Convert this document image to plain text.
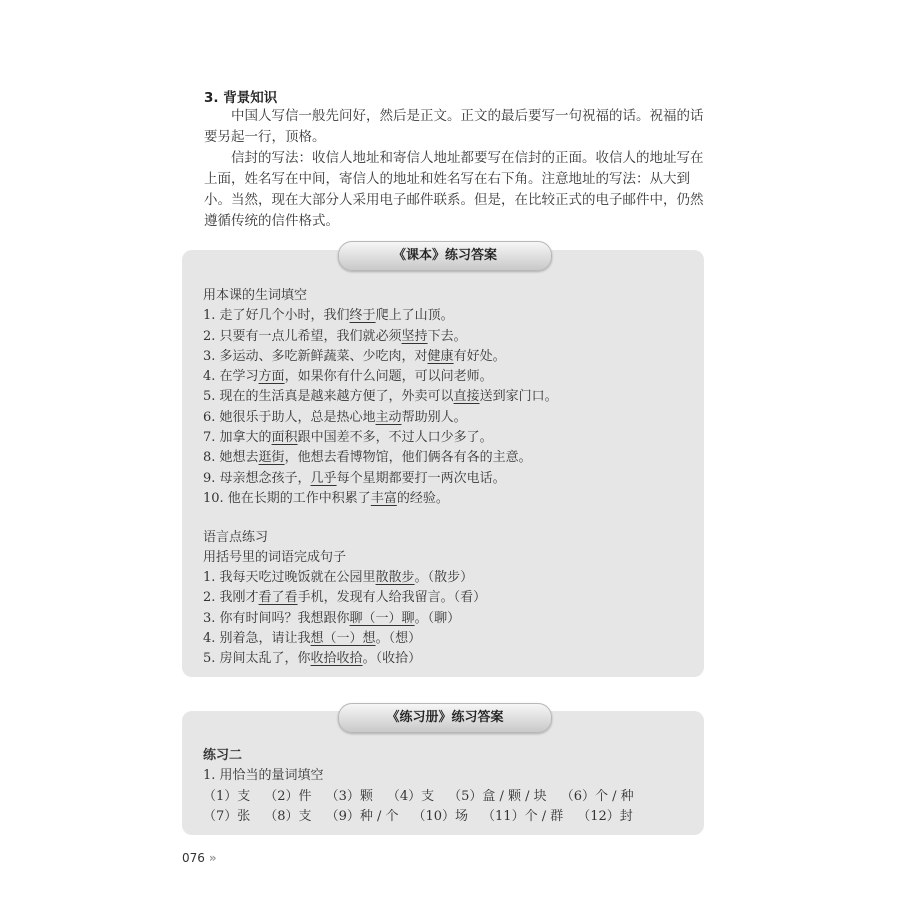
3. 背景知识
中国人写信一般先问好，然后是正文。正文的最后要写一句祝福的话。祝福的话要另起一行，顶格。
信封的写法：收信人地址和寄信人地址都要写在信封的正面。收信人的地址写在上面，姓名写在中间，寄信人的地址和姓名写在右下角。注意地址的写法：从大到小。 当然，现在大部分人采用电子邮件联系。但是，在比较正式的电子邮件中，仍然遵循传统的信件格式。
《课本》练习答案
用本课的生词填空
1. 走了好几个小时，我们终于爬上了山顶。
2. 只要有一点儿希望，我们就必须坚持下去。
3. 多运动、多吃新鲜蔬菜、少吃肉，对健康有好处。
4. 在学习方面，如果你有什么问题，可以问老师。
5. 现在的生活真是越来越方便了，外卖可以直接送到家门口。
6. 她很乐于助人，总是热心地主动帮助别人。
7. 加拿大的面积跟中国差不多，不过人口少多了。
8. 她想去逛街，他想去看博物馆，他们俩各有各的主意。
9. 母亲想念孩子，几乎每个星期都要打一两次电话。
10. 他在长期的工作中积累了丰富的经验。
语言点练习
用括号里的词语完成句子
1. 我每天吃过晚饭就在公园里散散步。（散步）
2. 我刚才看了看手机，发现有人给我留言。（看）
3. 你有时间吗？我想跟你聊（一）聊。（聊）
4. 别着急，请让我想（一）想。（想）
5. 房间太乱了，你收拾收拾。（收拾）
《练习册》练习答案
练习二
1. 用恰当的量词填空
（1）支 （2）件 （3）颗 （4）支 （5）盒 / 颗 / 块 （6）个 / 种
（7）张 （8）支 （9）种 / 个 （10）场 （11）个 / 群 （12）封
076 »
